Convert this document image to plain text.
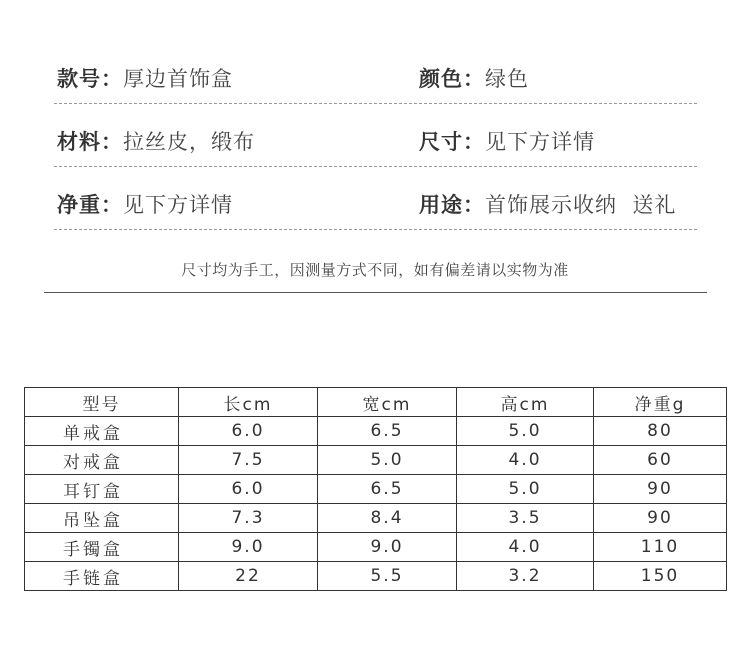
款号：厚边首饰盒	颜色：绿色
材料：拉丝皮，缎布	尺寸：见下方详情
净重：见下方详情	用途：首饰展示收纳  送礼
尺寸均为手工，因测量方式不同，如有偏差请以实物为准
型号	长cm	宽cm	高cm	净重g
单戒盒	6.0	6.5	5.0	80
对戒盒	7.5	5.0	4.0	60
耳钉盒	6.0	6.5	5.0	90
吊坠盒	7.3	8.4	3.5	90
手镯盒	9.0	9.0	4.0	110
手链盒	22	5.5	3.2	150
